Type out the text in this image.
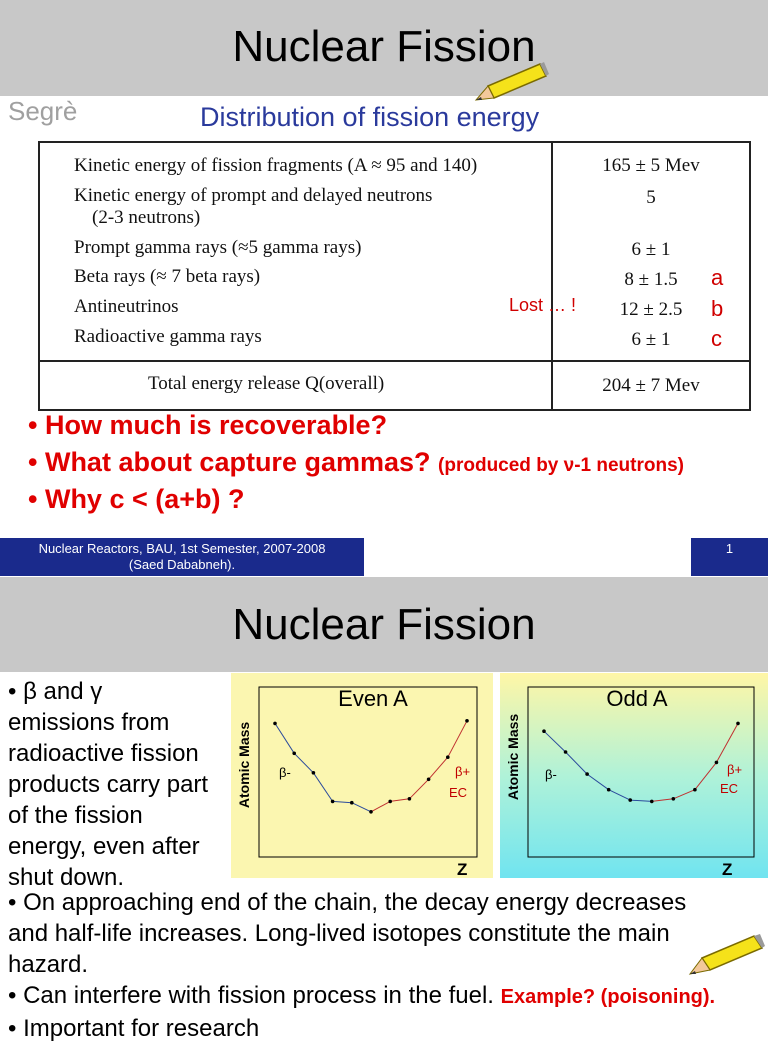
Nuclear Fission
Segrè	Distribution of fission energy
Kinetic energy of fission fragments (A ≈ 95 and 140)	165 ± 5 Mev
Kinetic energy of prompt and delayed neutrons
(2-3 neutrons)
5
Prompt gamma rays (≈5 gamma rays)	6 ± 1
Beta rays (≈ 7 beta rays)	8 ± 1.5	a
Antineutrinos	Lost … !	12 ± 2.5	b
Radioactive gamma rays	6 ± 1	c
Total energy release Q(overall)	204 ± 7 Mev
• How much is recoverable?
• What about capture gammas? (produced by ν-1 neutrons)
• Why c < (a+b) ?
Nuclear Reactors, BAU, 1st Semester, 2007-2008
(Saed Dababneh).
1
Nuclear Fission
• β and γ
emissions from
radioactive fission
products carry part
of the fission
energy, even after
shut down.
Even A
Atomic Mass
Z
β-	β+
EC
Odd A
Atomic Mass
Z
β-	β+
EC
• On approaching end of the chain, the decay energy decreases
and half-life increases. Long-lived isotopes constitute the main
hazard.
• Can interfere with fission process in the fuel. Example? (poisoning).
• Important for research
